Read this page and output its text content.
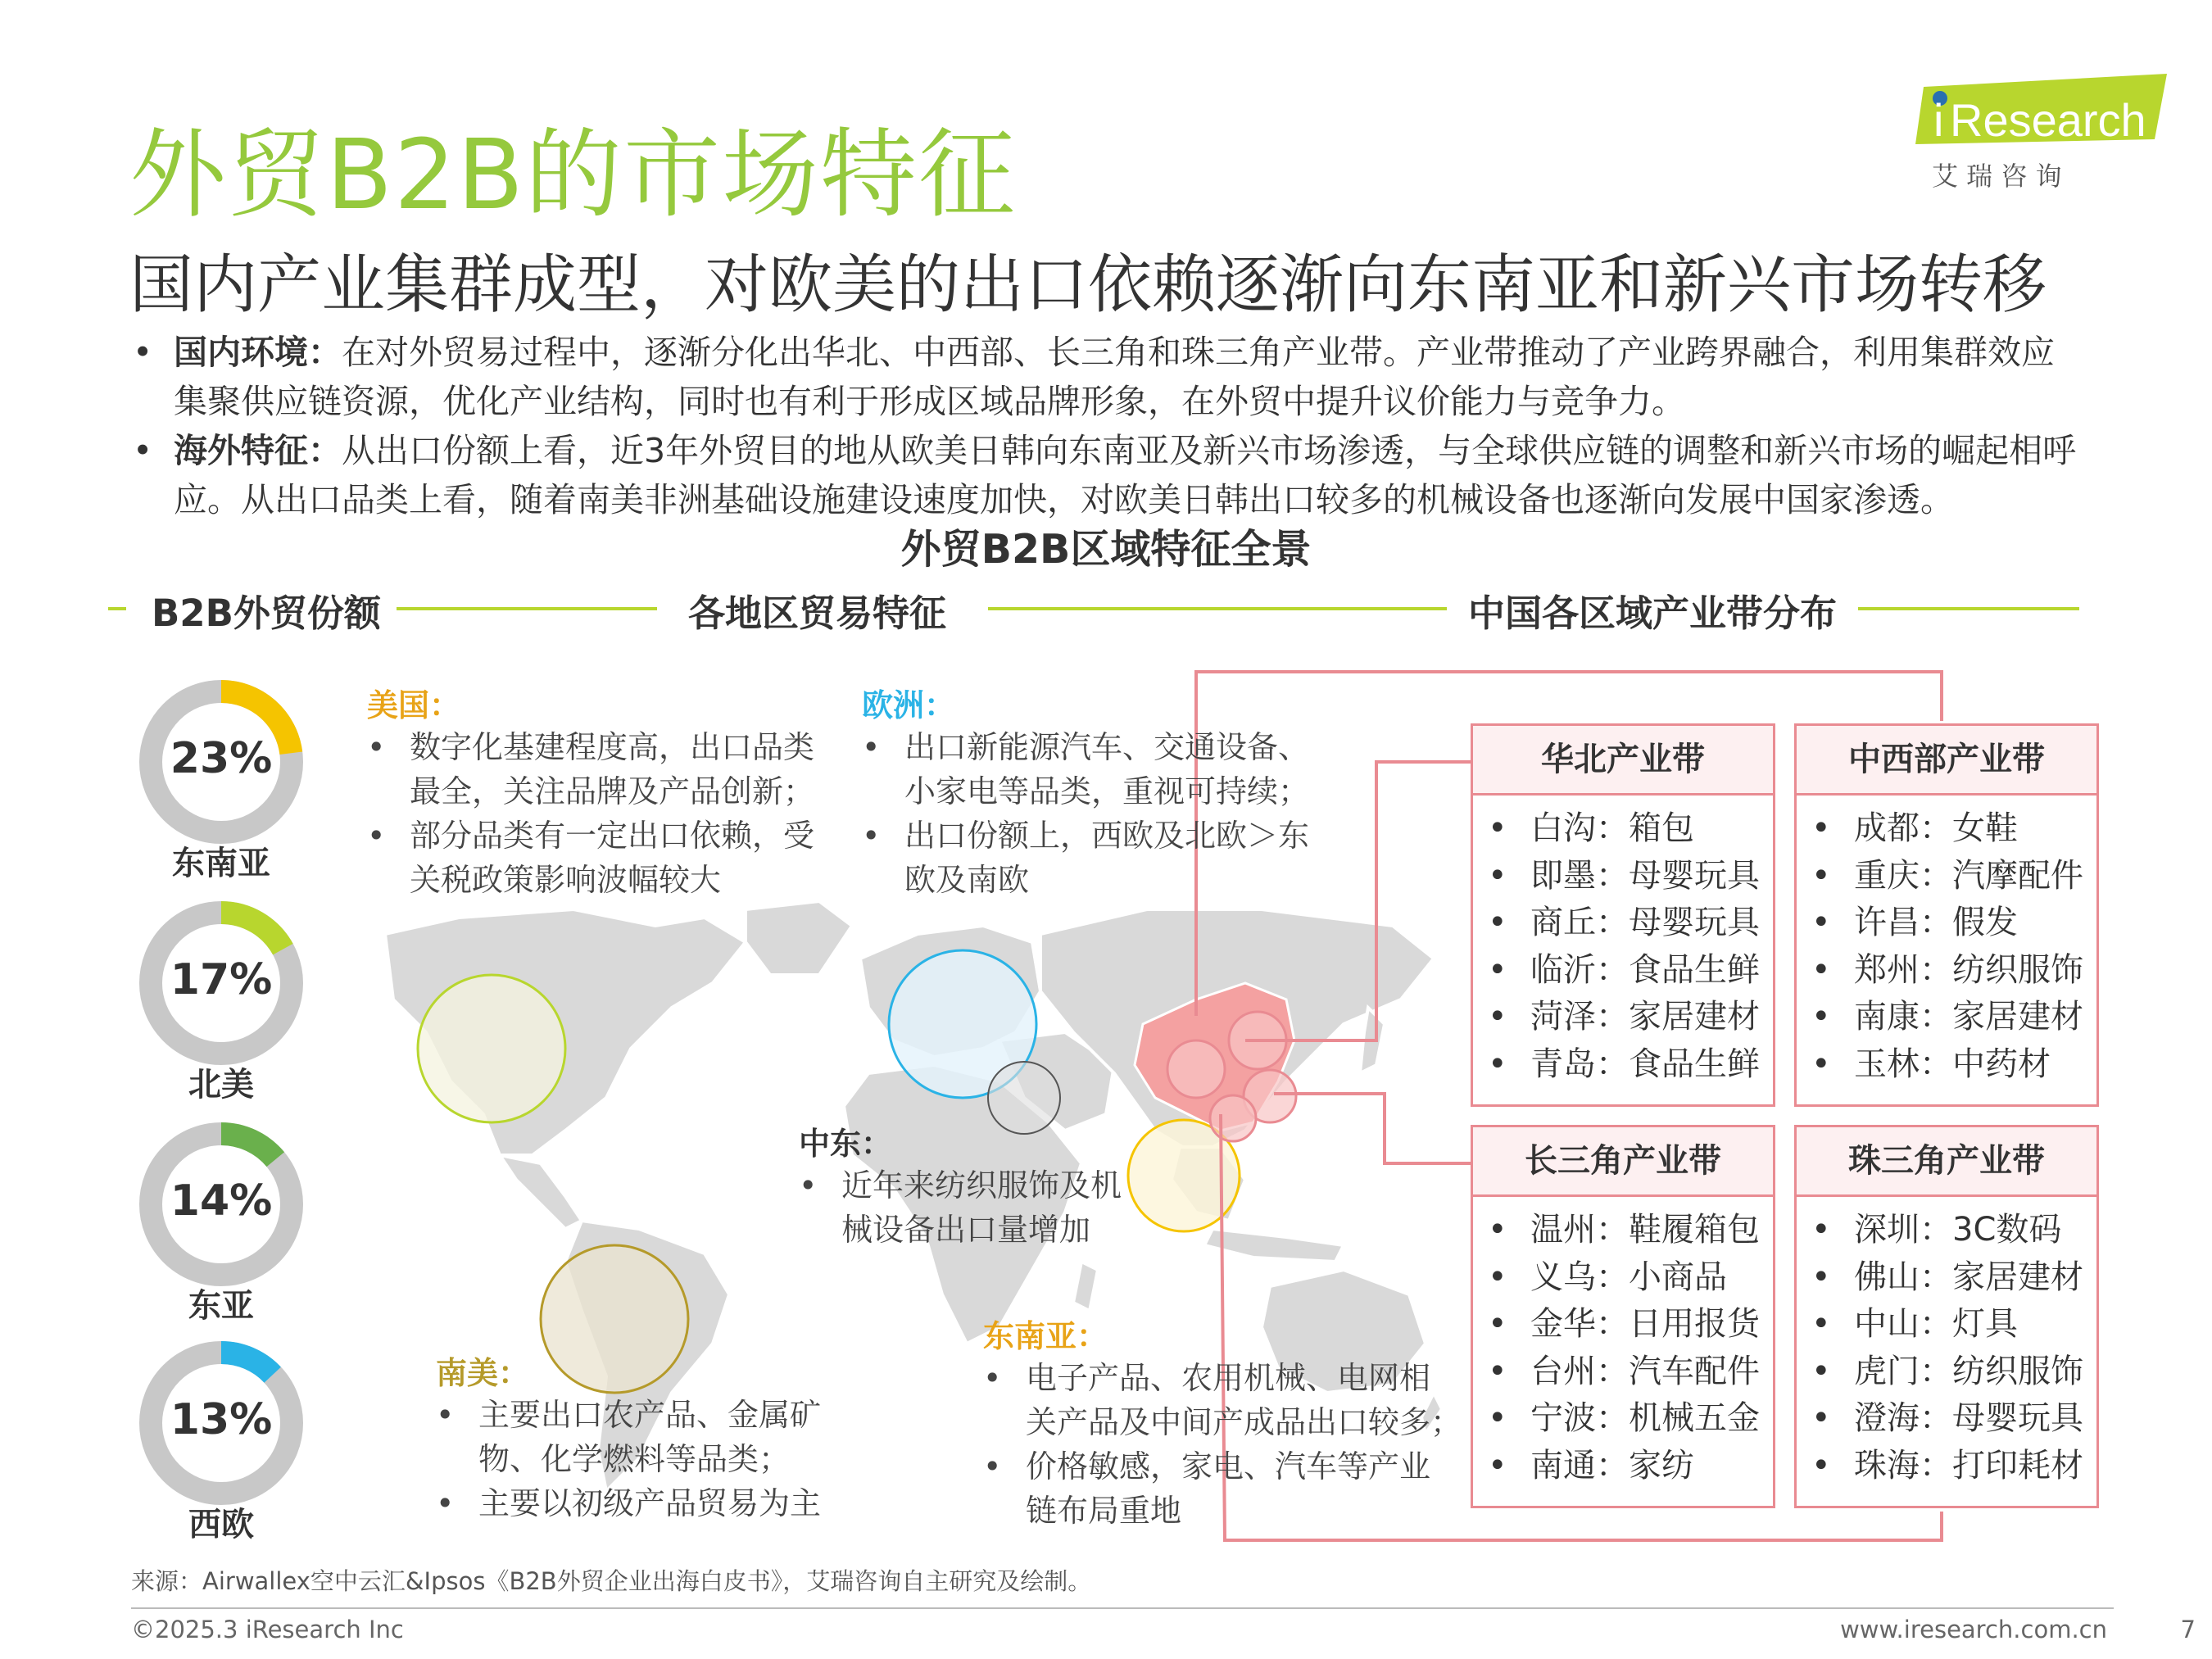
外贸B2B的市场特征	i Research
艾 瑞 咨 询
国内产业集群成型，对欧美的出口依赖逐渐向东南亚和新兴市场转移
• 国内环境：在对外贸易过程中，逐渐分化出华北、中西部、长三角和珠三角产业带。产业带推动了产业跨界融合，利用集群效应
集聚供应链资源，优化产业结构，同时也有利于形成区域品牌形象，在外贸中提升议价能力与竞争力。
• 海外特征：从出口份额上看，近3年外贸目的地从欧美日韩向东南亚及新兴市场渗透，与全球供应链的调整和新兴市场的崛起相呼
应。从出口品类上看，随着南美非洲基础设施建设速度加快，对欧美日韩出口较多的机械设备也逐渐向发展中国家渗透。
外贸B2B区域特征全景
B2B外贸份额	各地区贸易特征	中国各区域产业带分布
23%
东南亚
17%
北美
14%
东亚
13%
西欧
美国：
• 数字化基建程度高，出口品类
最全，关注品牌及产品创新；
• 部分品类有一定出口依赖，受
关税政策影响波幅较大
欧洲：
• 出口新能源汽车、交通设备、
小家电等品类，重视可持续；
• 出口份额上，西欧及北欧＞东
欧及南欧
中东：
• 近年来纺织服饰及机
械设备出口量增加
南美：
• 主要出口农产品、金属矿
物、化学燃料等品类；
• 主要以初级产品贸易为主
东南亚：
• 电子产品、农用机械、电网相
关产品及中间产成品出口较多；
• 价格敏感，家电、汽车等产业
链布局重地
华北产业带
• 白沟：箱包
• 即墨：母婴玩具
• 商丘：母婴玩具
• 临沂：食品生鲜
• 菏泽：家居建材
• 青岛：食品生鲜
中西部产业带
• 成都：女鞋
• 重庆：汽摩配件
• 许昌：假发
• 郑州：纺织服饰
• 南康：家居建材
• 玉林：中药材
长三角产业带
• 温州：鞋履箱包
• 义乌：小商品
• 金华：日用报货
• 台州：汽车配件
• 宁波：机械五金
• 南通：家纺
珠三角产业带
• 深圳：3C数码
• 佛山：家居建材
• 中山：灯具
• 虎门：纺织服饰
• 澄海：母婴玩具
• 珠海：打印耗材
来源：Airwallex空中云汇&Ipsos《B2B外贸企业出海白皮书》，艾瑞咨询自主研究及绘制。
©2025.3 iResearch Inc	www.iresearch.com.cn	7
